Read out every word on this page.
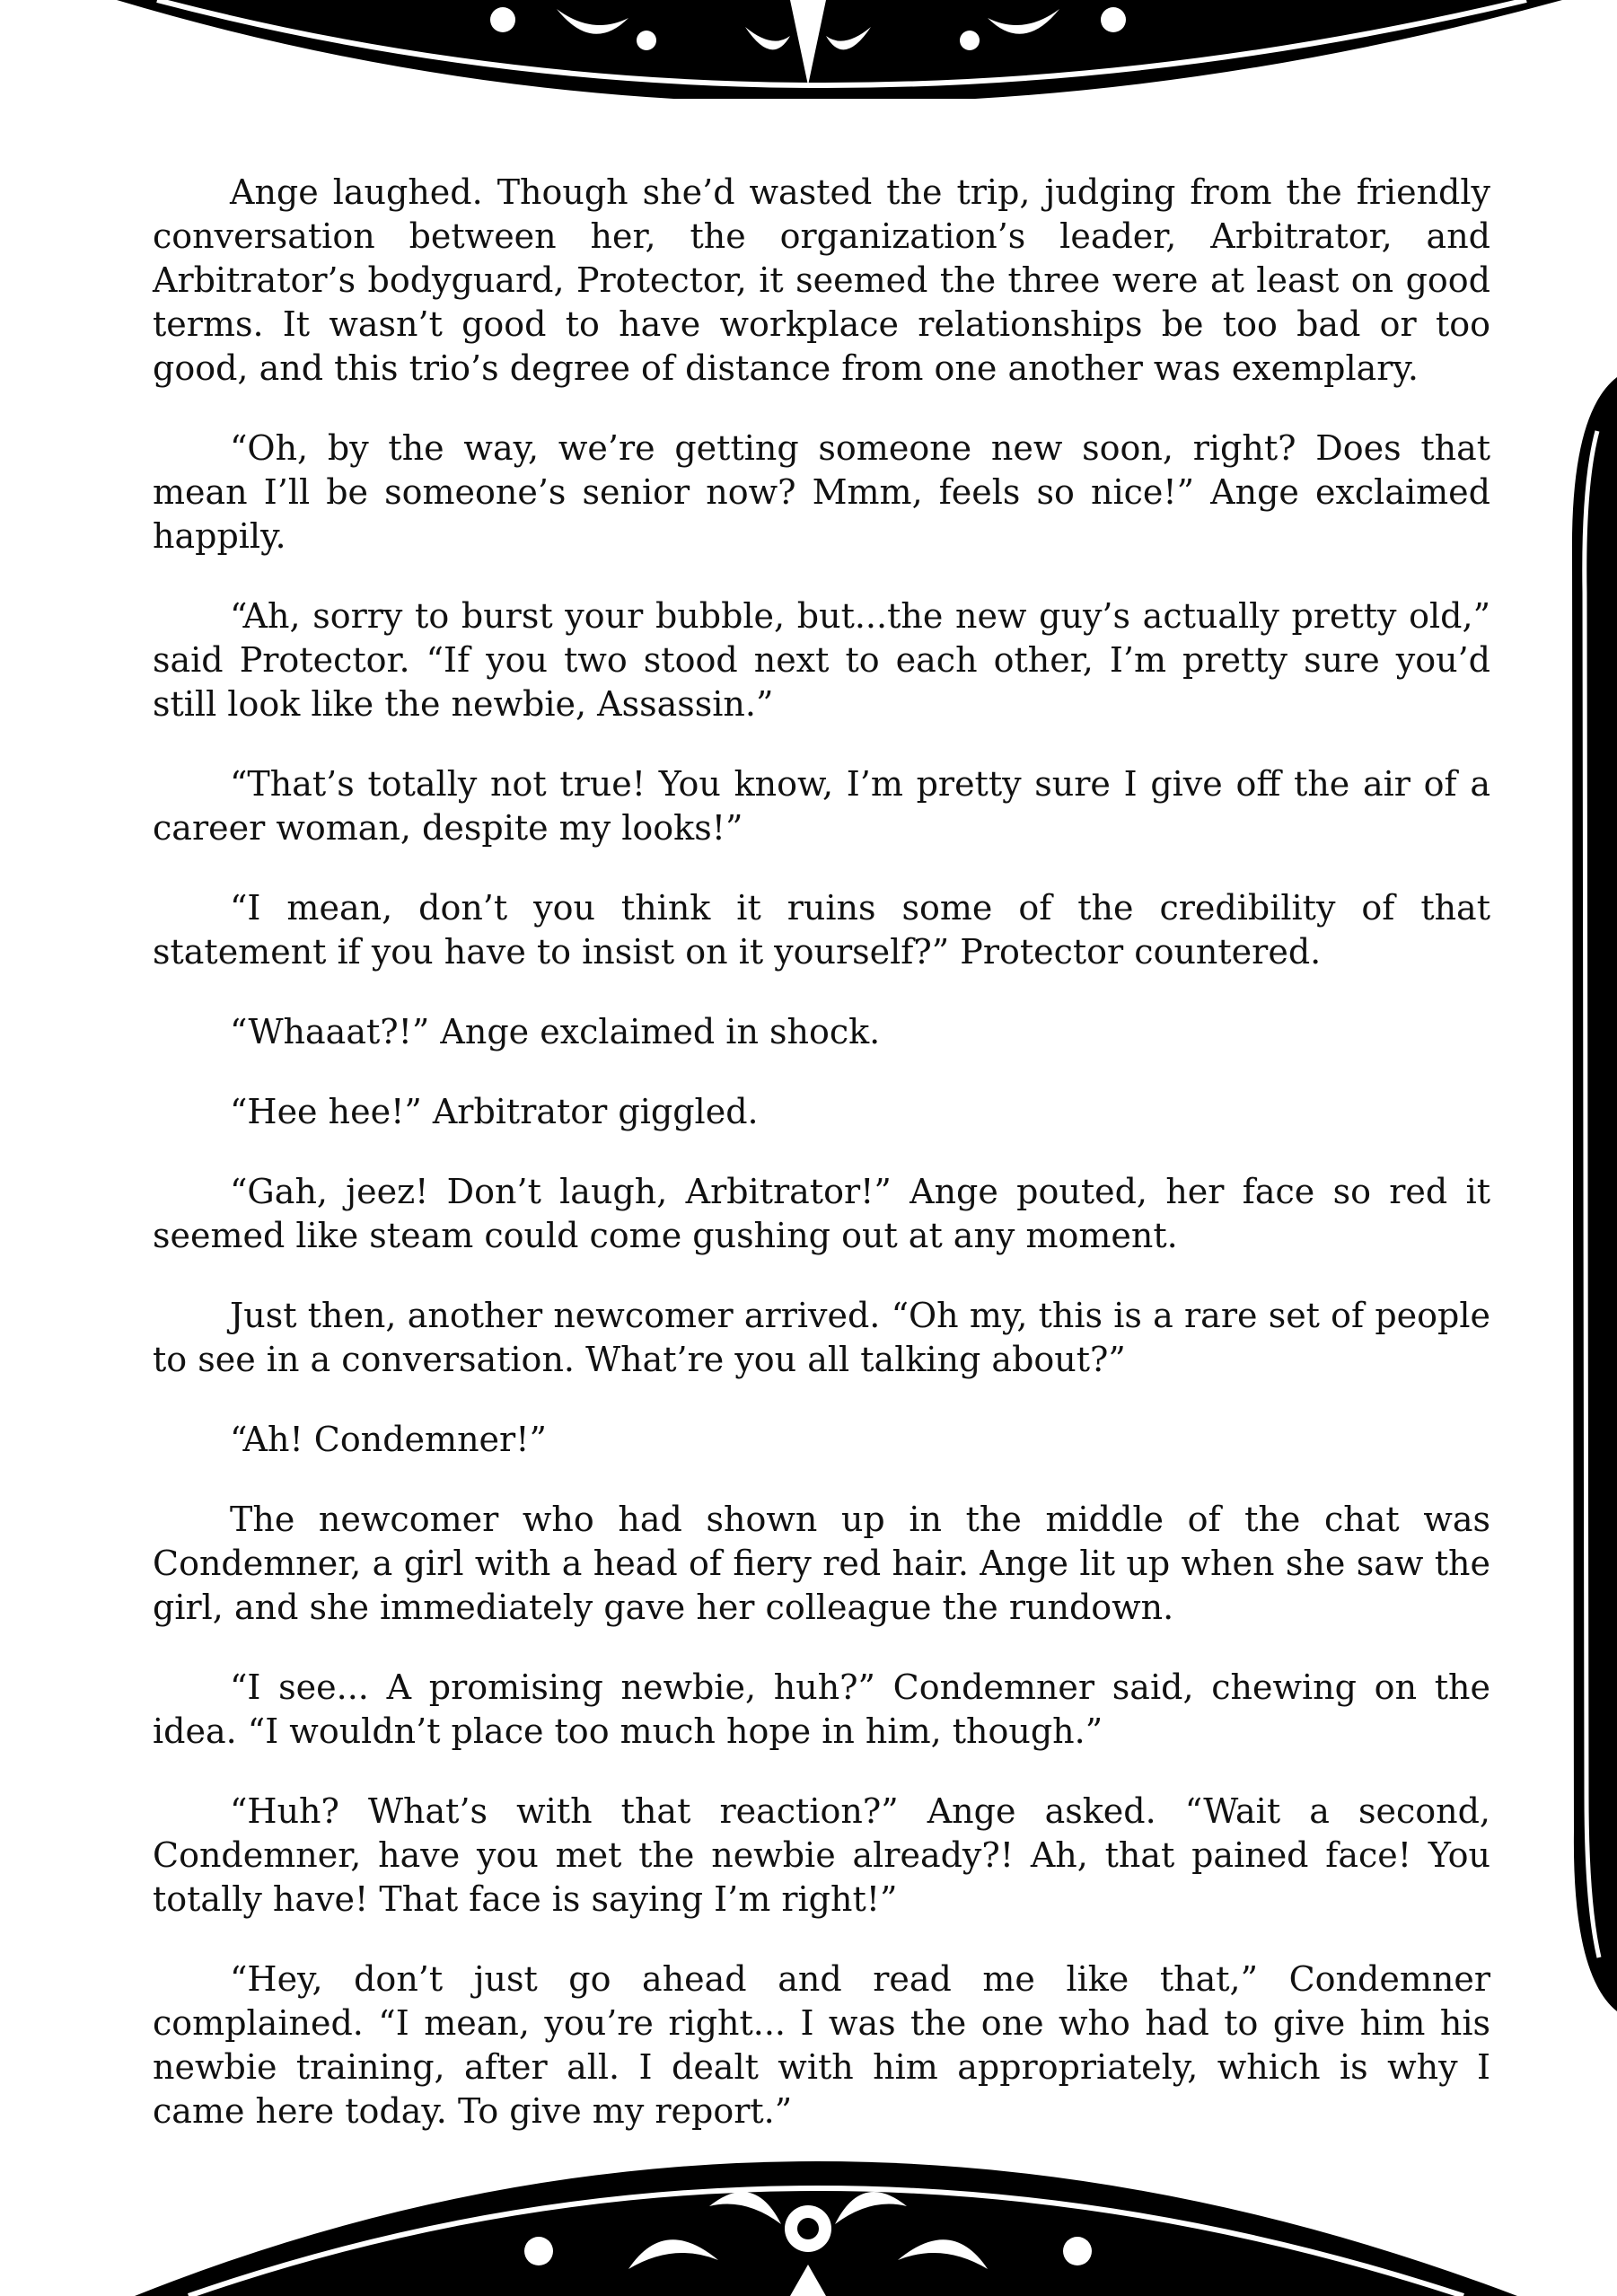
Ange laughed. Though she’d wasted the trip, judging from the friendly conversation between her, the organization’s leader, Arbitrator, and Arbitrator’s bodyguard, Protector, it seemed the three were at least on good terms. It wasn’t good to have workplace relationships be too bad or too good, and this trio’s degree of distance from one another was exemplary.

“Oh, by the way, we’re getting someone new soon, right? Does that mean I’ll be someone’s senior now? Mmm, feels so nice!” Ange exclaimed happily.

“Ah, sorry to burst your bubble, but...the new guy’s actually pretty old,” said Protector. “If you two stood next to each other, I’m pretty sure you’d still look like the newbie, Assassin.”

“That’s totally not true! You know, I’m pretty sure I give off the air of a career woman, despite my looks!”

“I mean, don’t you think it ruins some of the credibility of that statement if you have to insist on it yourself?” Protector countered.

“Whaaat?!” Ange exclaimed in shock.

“Hee hee!” Arbitrator giggled.

“Gah, jeez! Don’t laugh, Arbitrator!” Ange pouted, her face so red it seemed like steam could come gushing out at any moment.

Just then, another newcomer arrived. “Oh my, this is a rare set of people to see in a conversation. What’re you all talking about?”

“Ah! Condemner!”

The newcomer who had shown up in the middle of the chat was Condemner, a girl with a head of fiery red hair. Ange lit up when she saw the girl, and she immediately gave her colleague the rundown.

“I see... A promising newbie, huh?” Condemner said, chewing on the idea. “I wouldn’t place too much hope in him, though.”

“Huh? What’s with that reaction?” Ange asked. “Wait a second, Condemner, have you met the newbie already?! Ah, that pained face! You totally have! That face is saying I’m right!”

“Hey, don’t just go ahead and read me like that,” Condemner complained. “I mean, you’re right... I was the one who had to give him his newbie training, after all. I dealt with him appropriately, which is why I came here today. To give my report.”
